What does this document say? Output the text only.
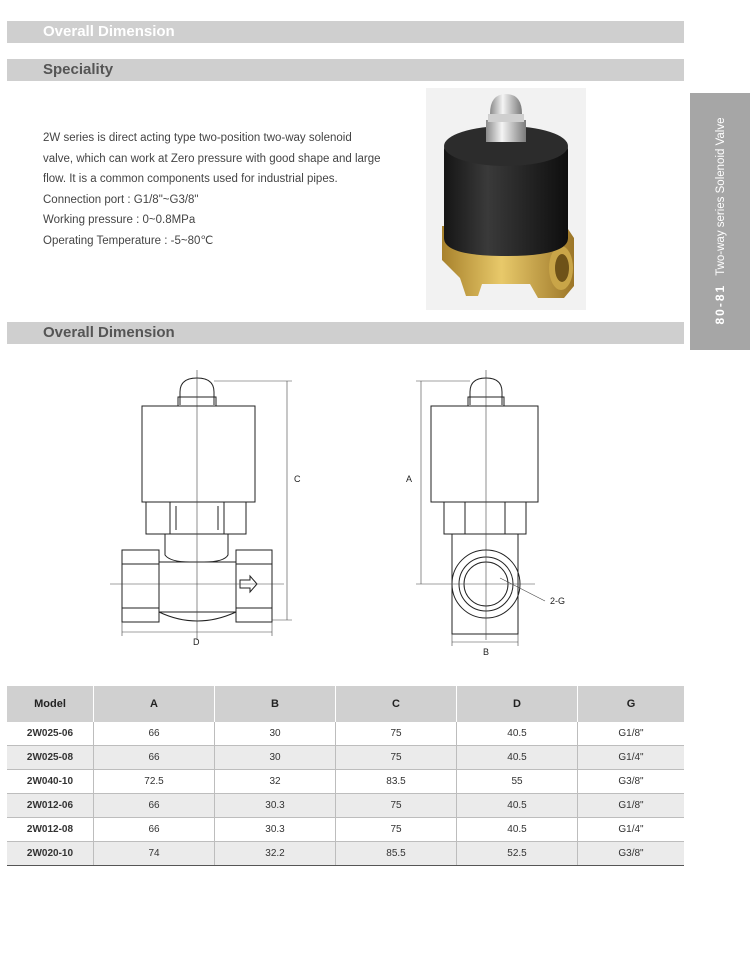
Overall Dimension
Speciality
Overall Dimension
80-81Two-way series Solenoid Valve

2W series is direct acting type two-position two-way solenoid

valve, which can work at Zero pressure with good shape and large

flow. It is a common components used for industrial pipes.

Connection port : G1/8"~G3/8"

Working pressure : 0~0.8MPa

Operating Temperature : -5~80℃

C
D
A
B
2-G
Model	A	B	C	D	G
2W025-06	66	30	75	40.5	G1/8"
2W025-08	66	30	75	40.5	G1/4"
2W040-10	72.5	32	83.5	55	G3/8"
2W012-06	66	30.3	75	40.5	G1/8"
2W012-08	66	30.3	75	40.5	G1/4"
2W020-10	74	32.2	85.5	52.5	G3/8"
